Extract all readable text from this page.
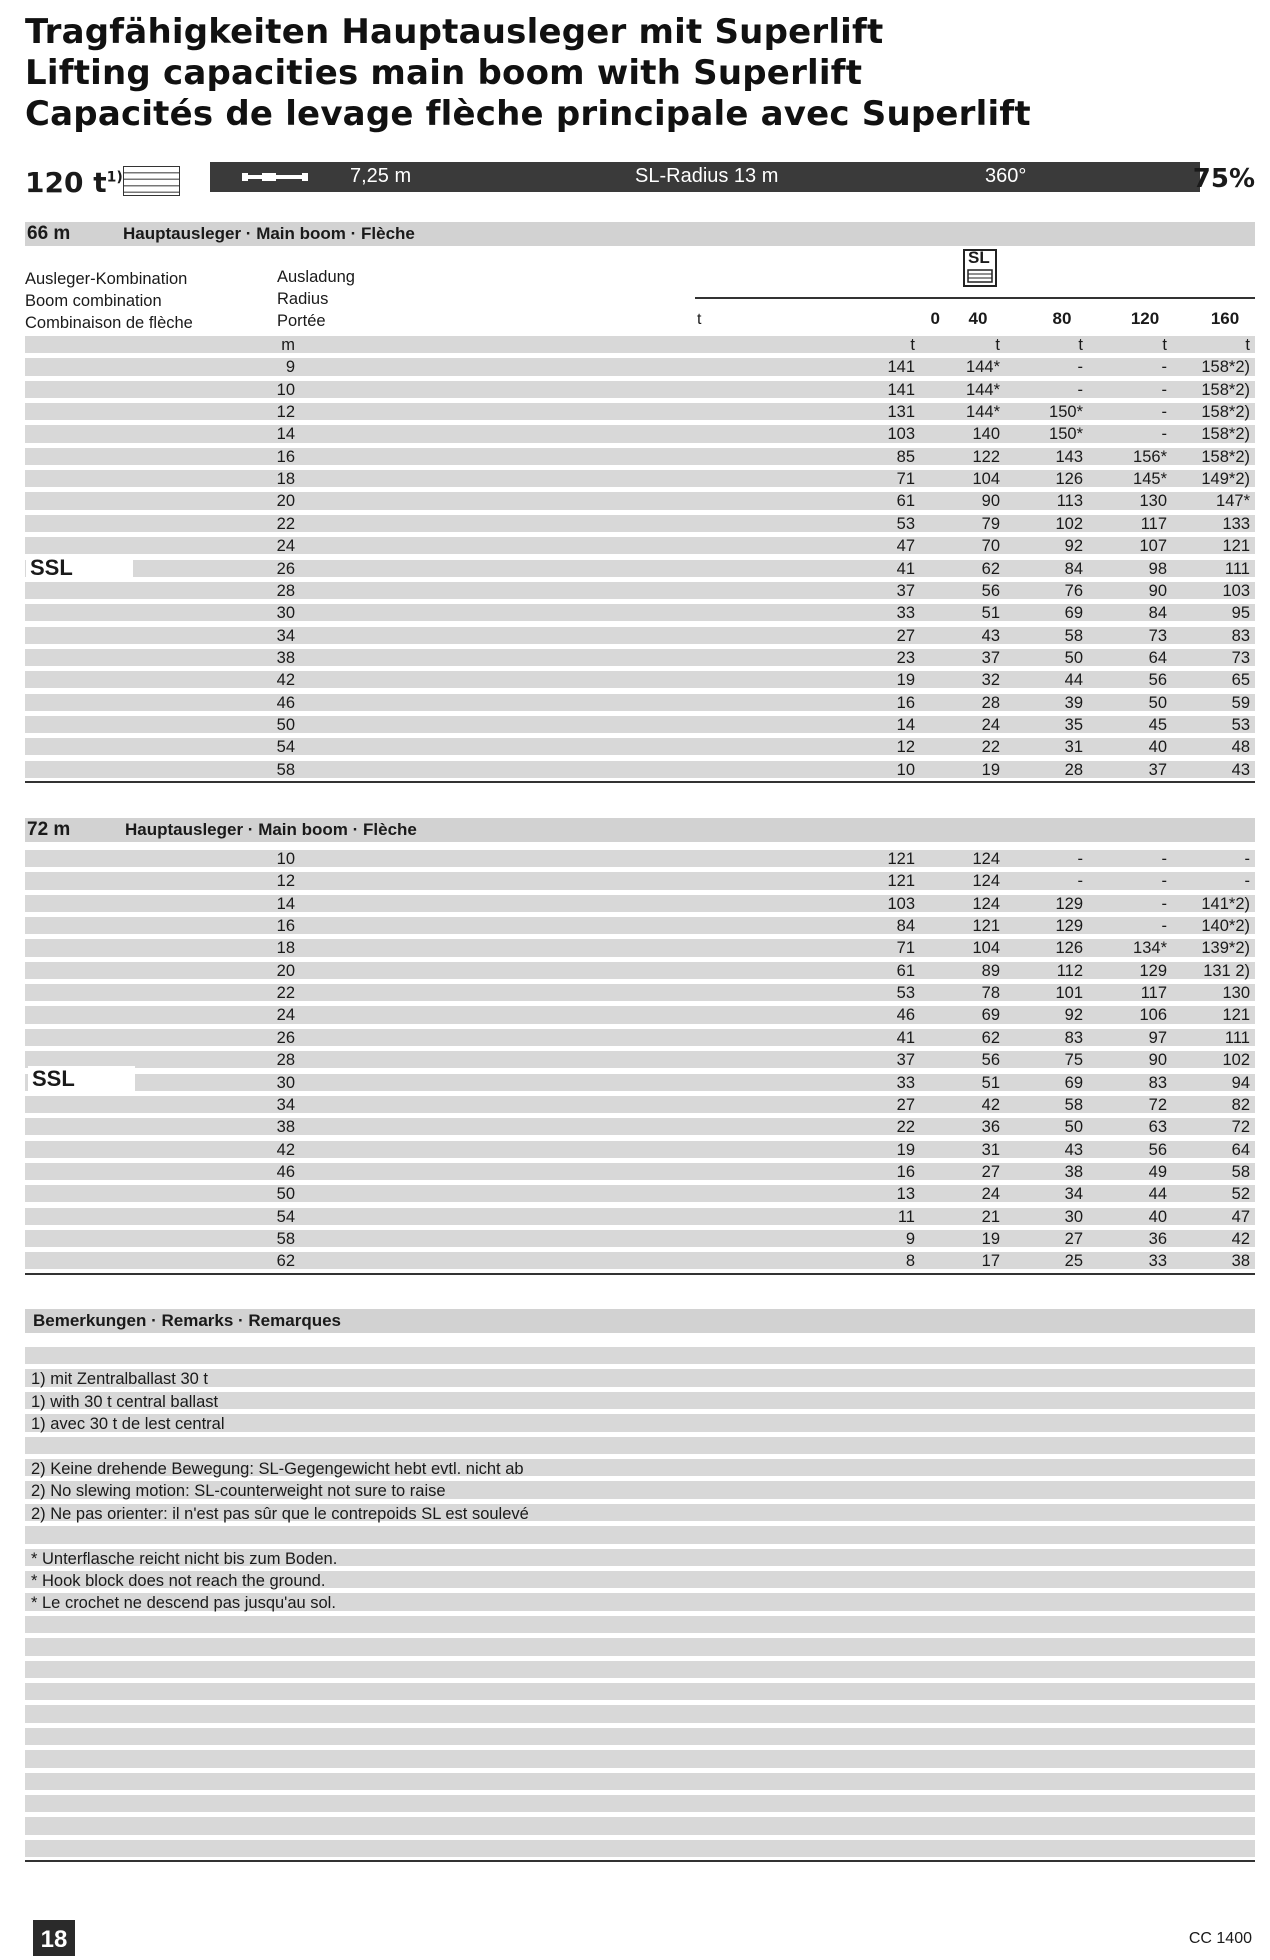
Tragfähigkeiten Hauptausleger mit Superlift
Lifting capacities main boom with Superlift
Capacités de levage flèche principale avec Superlift
120 $t^{1)}$	7,25 m	SL-Radius 13 m	360°	75%
66 m	Hauptausleger · Main boom · Flèche
Ausleger-Kombination
Boom combination
Combinaison de flèche
Ausladung
Radius
Portée
SL
t	0	40	80	120	160
m	t	t	t	t	t
9	141	144*	-	-	158*2)
10	141	144*	-	-	158*2)
12	131	144*	150*	-	158*2)
14	103	140	150*	-	158*2)
16	85	122	143	156*	158*2)
18	71	104	126	145*	149*2)
20	61	90	113	130	147*
22	53	79	102	117	133
24	47	70	92	107	121
26	41	62	84	98	111
28	37	56	76	90	103
30	33	51	69	84	95
34	27	43	58	73	83
38	23	37	50	64	73
42	19	32	44	56	65
46	16	28	39	50	59
50	14	24	35	45	53
54	12	22	31	40	48
58	10	19	28	37	43
SSL
72 m	Hauptausleger · Main boom · Flèche
10	121	124	-	-	-
12	121	124	-	-	-
14	103	124	129	-	141*2)
16	84	121	129	-	140*2)
18	71	104	126	134*	139*2)
20	61	89	112	129	131 2)
22	53	78	101	117	130
24	46	69	92	106	121
26	41	62	83	97	111
28	37	56	75	90	102
30	33	51	69	83	94
34	27	42	58	72	82
38	22	36	50	63	72
42	19	31	43	56	64
46	16	27	38	49	58
50	13	24	34	44	52
54	11	21	30	40	47
58	9	19	27	36	42
62	8	17	25	33	38
SSL
Bemerkungen · Remarks · Remarques
1) mit Zentralballast 30 t
1) with 30 t central ballast
1) avec 30 t de lest central
2) Keine drehende Bewegung: SL-Gegengewicht hebt evtl. nicht ab
2) No slewing motion: SL-counterweight not sure to raise
2) Ne pas orienter: il n'est pas sûr que le contrepoids SL est soulevé
* Unterflasche reicht nicht bis zum Boden.
* Hook block does not reach the ground.
* Le crochet ne descend pas jusqu'au sol.
18	CC 1400
